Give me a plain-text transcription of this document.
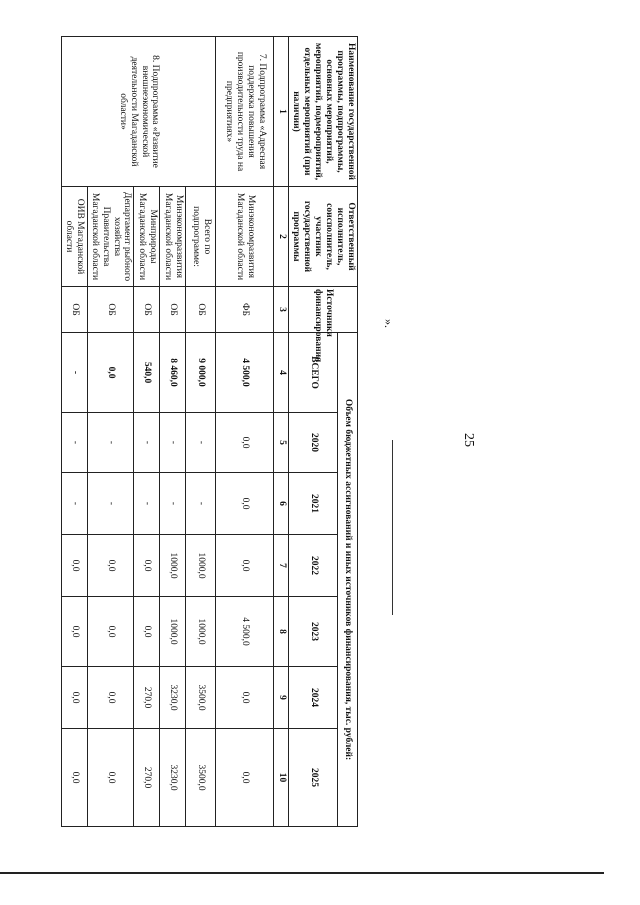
25
Наименование государственной программы, подпрограммы, основных мероприятий, мероприятий, подмероприятий, отдельных мероприятий (при наличии)	Ответственный исполнитель, соисполнитель, участник государственной программы	Источники финансирования	Объем бюджетных ассигнований и иных источников финансирования, тыс. рублей:						
			ВСЕГО	2020	2021	2022	2023	2024	2025
1	2	3	4	5	6	7	8	9	10
7. Подпрограмма «Адресная поддержка повышения производительности труда на предприятиях»	Минэкономразвития Магаданской области	ФБ	4 500,0	0,0	0,0	0,0	4 500,0	0,0	0,0
8. Подпрограмма «Развитие внешнеэкономической деятельности Магаданской области»	Всего по подпрограмме:	ОБ	9 000,0	-	-	1000,0	1000,0	3500,0	3500,0
	Минэкономразвития Магаданской области	ОБ	8 460,0	-	-	1000,0	1000,0	3230,0	3230,0
	Минприроды Магаданской области	ОБ	540,0	-	-	0,0	0,0	270,0	270,0
	Департамент рыбного хозяйства Правительства Магаданской области	ОБ	0,0	-	-	0,0	0,0	0,0	0,0
	ОИВ Магаданской области	ОБ	-	-	-	0,0	0,0	0,0	0,0
».
